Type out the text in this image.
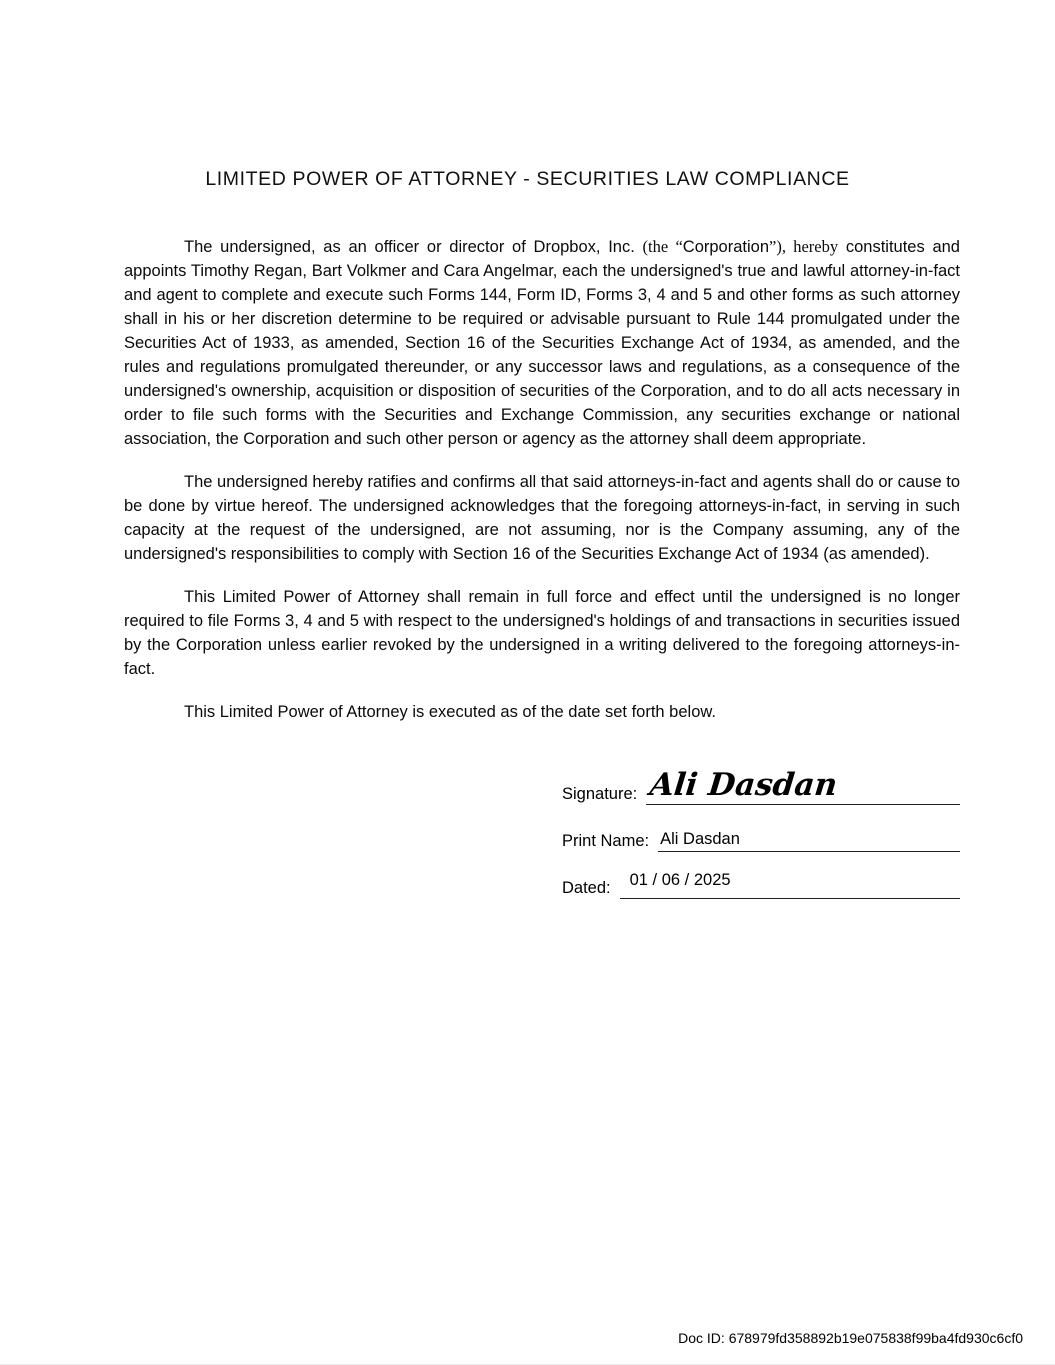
LIMITED POWER OF ATTORNEY - SECURITIES LAW COMPLIANCE

The undersigned, as an officer or director of Dropbox, Inc. (the “Corporation”), hereby constitutes and appoints Timothy Regan, Bart Volkmer and Cara Angelmar, each the undersigned's true and lawful attorney-in-fact and agent to complete and execute such Forms 144, Form ID, Forms 3, 4 and 5 and other forms as such attorney shall in his or her discretion determine to be required or advisable pursuant to Rule 144 promulgated under the Securities Act of 1933, as amended, Section 16 of the Securities Exchange Act of 1934, as amended, and the rules and regulations promulgated thereunder, or any successor laws and regulations, as a consequence of the undersigned's ownership, acquisition or disposition of securities of the Corporation, and to do all acts necessary in order to file such forms with the Securities and Exchange Commission, any securities exchange or national association, the Corporation and such other person or agency as the attorney shall deem appropriate.

The undersigned hereby ratifies and confirms all that said attorneys-in-fact and agents shall do or cause to be done by virtue hereof. The undersigned acknowledges that the foregoing attorneys-in-fact, in serving in such capacity at the request of the undersigned, are not assuming, nor is the Company assuming, any of the undersigned's responsibilities to comply with Section 16 of the Securities Exchange Act of 1934 (as amended).

This Limited Power of Attorney shall remain in full force and effect until the undersigned is no longer required to file Forms 3, 4 and 5 with respect to the undersigned's holdings of and transactions in securities issued by the Corporation unless earlier revoked by the undersigned in a writing delivered to the foregoing attorneys-in-fact.

This Limited Power of Attorney is executed as of the date set forth below.

Signature: Ali Dasdan
Print Name: Ali Dasdan
Dated:	01 / 06 / 2025
Doc ID: 678979fd358892b19e075838f99ba4fd930c6cf0
